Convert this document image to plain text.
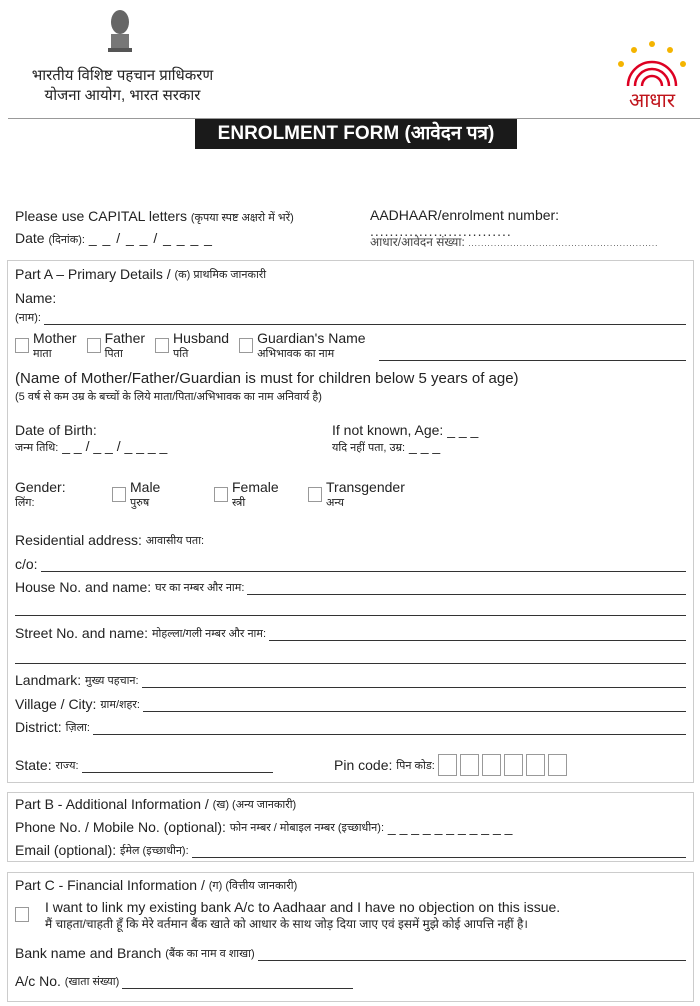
भारतीय विशिष्ट पहचान प्राधिकरण
योजना आयोग, भारत सरकार	आधार
ENROLMENT FORM (आवेदन पत्र)
Please use CAPITAL letters (कृपया स्पष्ट अक्षरो में भरें)
Date (दिनांक): _ _ / _ _ / _ _ _ _
AADHAAR/enrolment number: .............................
आधार/आवेदन संख्या: ...........................................................
Part A – Primary Details /
(क) प्राथमिक जानकारी
Name:
(नाम):
Mother
माता
Father
पिता
Husband
पति
Guardian's Name
अभिभावक का नाम
(Name of Mother/Father/Guardian is must for children below 5 years of age)
(5 वर्ष से कम उम्र के बच्चों के लिये माता/पिता/अभिभावक का नाम अनिवार्य है)
Date of Birth:
जन्म तिथि: _ _ / _ _ / _ _ _ _
If not known, Age: _ _ _
यदि नहीं पता, उम्र: _ _ _
Gender:
लिंग:
Male
पुरुष
Female
स्त्री
Transgender
अन्य
Residential address:
आवासीय पता:
c/o:
House No. and name:
घर का नम्बर और नाम:
Street No. and name:
मोहल्ला/गली नम्बर और नाम:
Landmark:
मुख्य पहचान:
Village / City:
ग्राम/शहर:
District:
ज़िला:
State:
राज्य:	Pin code:
पिन कोड:
Part B - Additional Information /
(ख) (अन्य जानकारी)
Phone No. / Mobile No. (optional):
फोन नम्बर / मोबाइल नम्बर (इच्छाधीन):
_ _ _ _ _ _ _ _ _ _ _
Email (optional):
ईमेल (इच्छाधीन):
Part C - Financial Information /
(ग) (वित्तीय जानकारी)
I want to link my existing bank A/c to Aadhaar and I have no objection on this issue.
मैं चाहता/चाहती हूँ कि मेरे वर्तमान बैंक खाते को आधार के साथ जोड़ दिया जाए एवं इसमें मुझे कोई आपत्ति नहीं है।
Bank name and Branch
(बैंक का नाम व शाखा)
A/c No.
(खाता संख्या)
